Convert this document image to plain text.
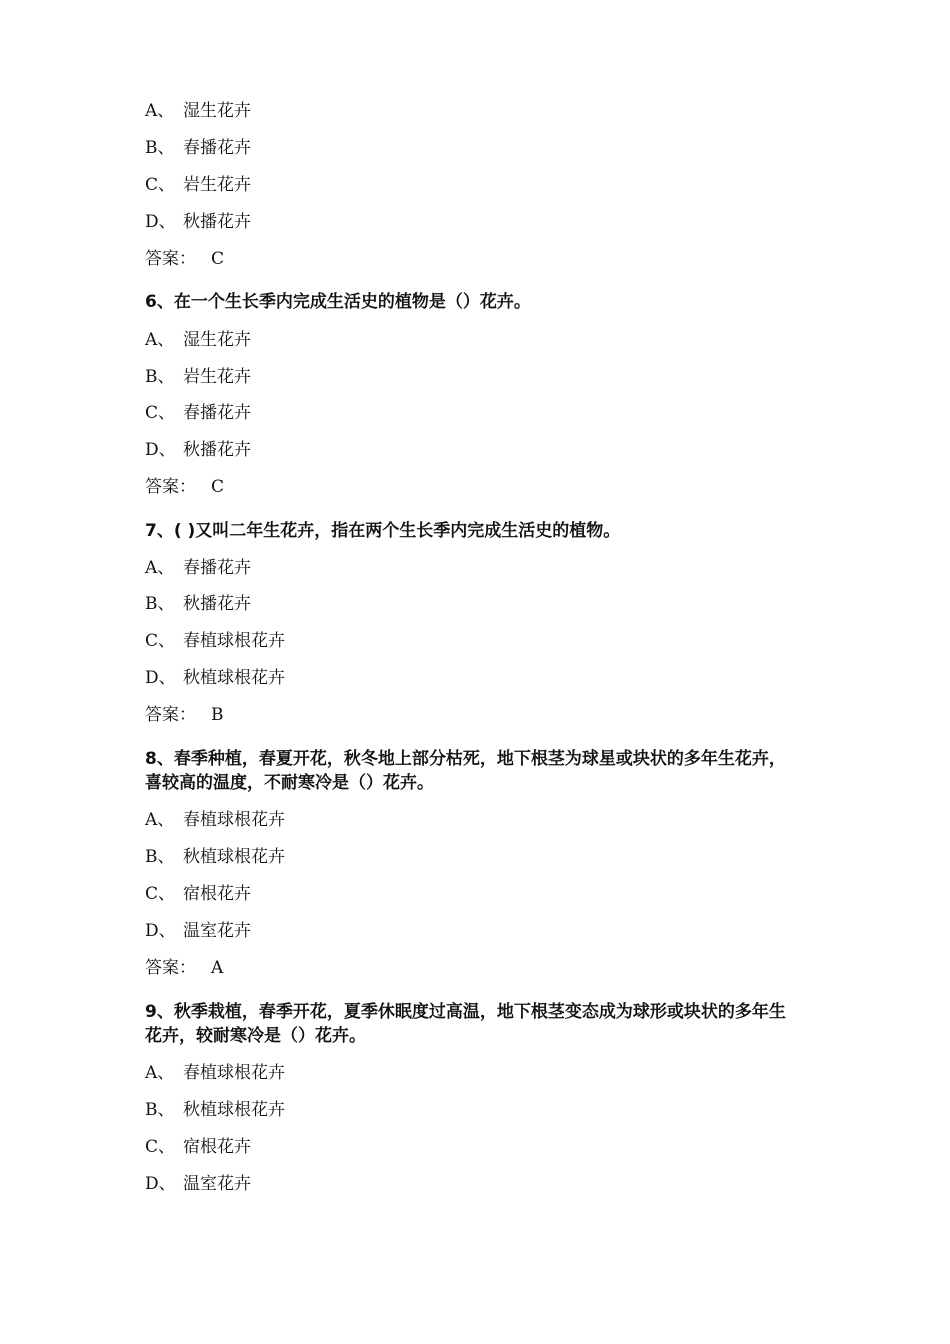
A、 湿生花卉
B、 春播花卉
C、 岩生花卉
D、 秋播花卉
答案： C
6、在一个生长季内完成生活史的植物是（）花卉。
A、 湿生花卉
B、 岩生花卉
C、 春播花卉
D、 秋播花卉
答案： C
7、( )又叫二年生花卉，指在两个生长季内完成生活史的植物。
A、 春播花卉
B、 秋播花卉
C、 春植球根花卉
D、 秋植球根花卉
答案： B
8、春季种植，春夏开花，秋冬地上部分枯死，地下根茎为球星或块状的多年生花卉，喜较高的温度，不耐寒冷是（）花卉。
A、 春植球根花卉
B、 秋植球根花卉
C、 宿根花卉
D、 温室花卉
答案： A
9、秋季栽植，春季开花，夏季休眠度过高温，地下根茎变态成为球形或块状的多年生花卉，较耐寒冷是（）花卉。
A、 春植球根花卉
B、 秋植球根花卉
C、 宿根花卉
D、 温室花卉
